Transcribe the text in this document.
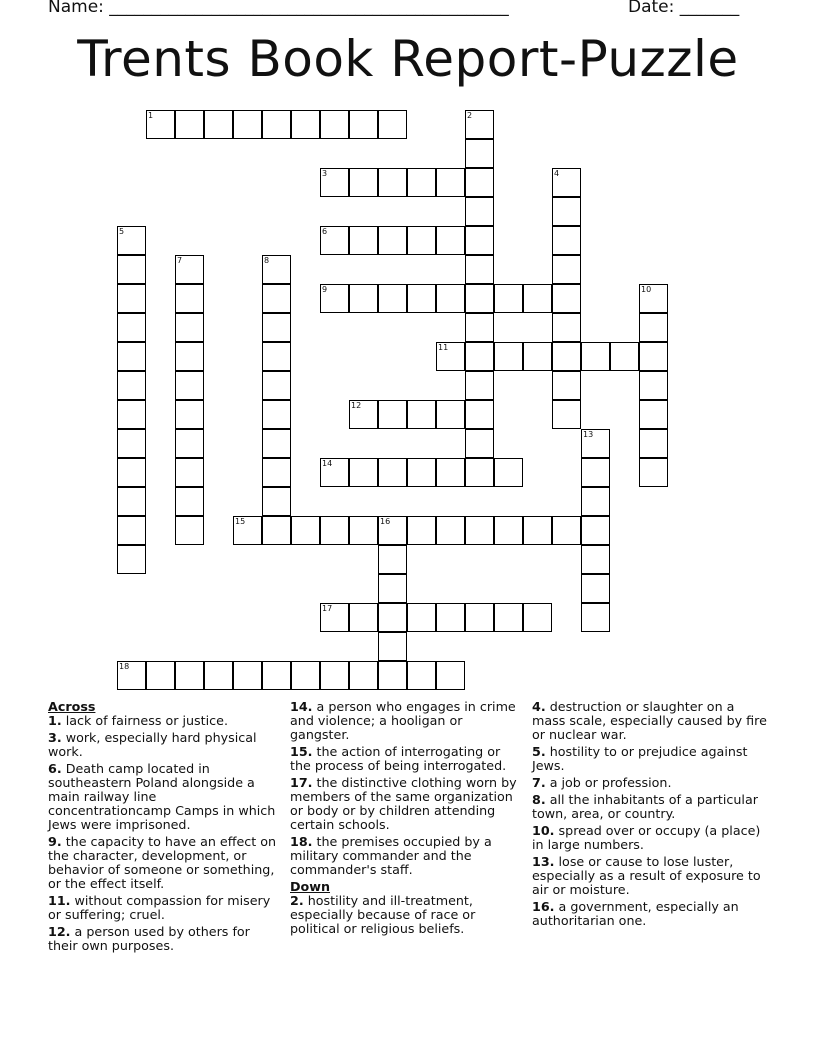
Name: _______________________________________________	Date: _______
Trents Book Report-Puzzle
1	2
3	4
5	6
7	8
9	10
11
12
13
14
15	16
17
18
Across
1. lack of fairness or justice.
3. work, especially hard physical work.
6. Death camp located in southeastern Poland alongside a main railway line concentrationcamp Camps in which Jews were imprisoned.
9. the capacity to have an effect on the character, development, or behavior of someone or something, or the effect itself.
11. without compassion for misery or suffering; cruel.
12. a person used by others for their own purposes.
14. a person who engages in crime and violence; a hooligan or gangster.
15. the action of interrogating or the process of being interrogated.
17. the distinctive clothing worn by members of the same organization or body or by children attending certain schools.
18. the premises occupied by a military commander and the commander's staff.
Down
2. hostility and ill-treatment, especially because of race or political or religious beliefs.
4. destruction or slaughter on a mass scale, especially caused by fire or nuclear war.
5. hostility to or prejudice against Jews.
7. a job or profession.
8. all the inhabitants of a particular town, area, or country.
10. spread over or occupy (a place) in large numbers.
13. lose or cause to lose luster, especially as a result of exposure to air or moisture.
16. a government, especially an authoritarian one.
